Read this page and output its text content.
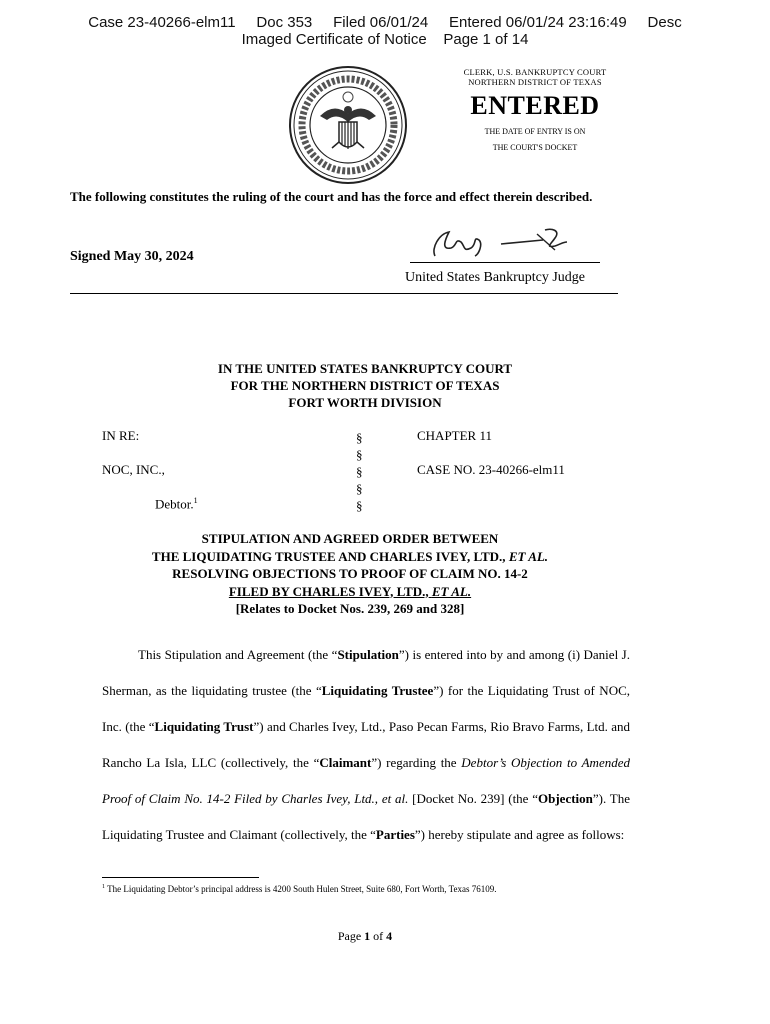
Case 23-40266-elm11 Doc 353 Filed 06/01/24 Entered 06/01/24 23:16:49 Desc
Imaged Certificate of Notice Page 1 of 14
CLERK, U.S. BANKRUPTCY COURT
NORTHERN DISTRICT OF TEXAS
ENTERED
THE DATE OF ENTRY IS ON
THE COURT'S DOCKET
The following constitutes the ruling of the court and has the force and effect therein described.
Signed May 30, 2024
United States Bankruptcy Judge
IN THE UNITED STATES BANKRUPTCY COURT
FOR THE NORTHERN DISTRICT OF TEXAS
FORT WORTH DIVISION
IN RE:
NOC, INC.,
Debtor.$^1$
§
§
§
§
§
CHAPTER 11
CASE NO. 23-40266-elm11
STIPULATION AND AGREED ORDER BETWEEN
THE LIQUIDATING TRUSTEE AND CHARLES IVEY, LTD., ET AL.
RESOLVING OBJECTIONS TO PROOF OF CLAIM NO. 14-2
FILED BY CHARLES IVEY, LTD., ET AL.
[Relates to Docket Nos. 239, 269 and 328]

This Stipulation and Agreement (the “Stipulation”) is entered into by and among (i) Daniel J. Sherman, as the liquidating trustee (the “Liquidating Trustee”) for the Liquidating Trust of NOC, Inc. (the “Liquidating Trust”) and Charles Ivey, Ltd., Paso Pecan Farms, Rio Bravo Farms, Ltd. and Rancho La Isla, LLC (collectively, the “Claimant”) regarding the Debtor’s Objection to Amended Proof of Claim No. 14-2 Filed by Charles Ivey, Ltd., et al. [Docket No. 239] (the “Objection”). The Liquidating Trustee and Claimant (collectively, the “Parties”) hereby stipulate and agree as follows:

$^1$ The Liquidating Debtor’s principal address is 4200 South Hulen Street, Suite 680, Fort Worth, Texas 76109.
Page 1 of 4
